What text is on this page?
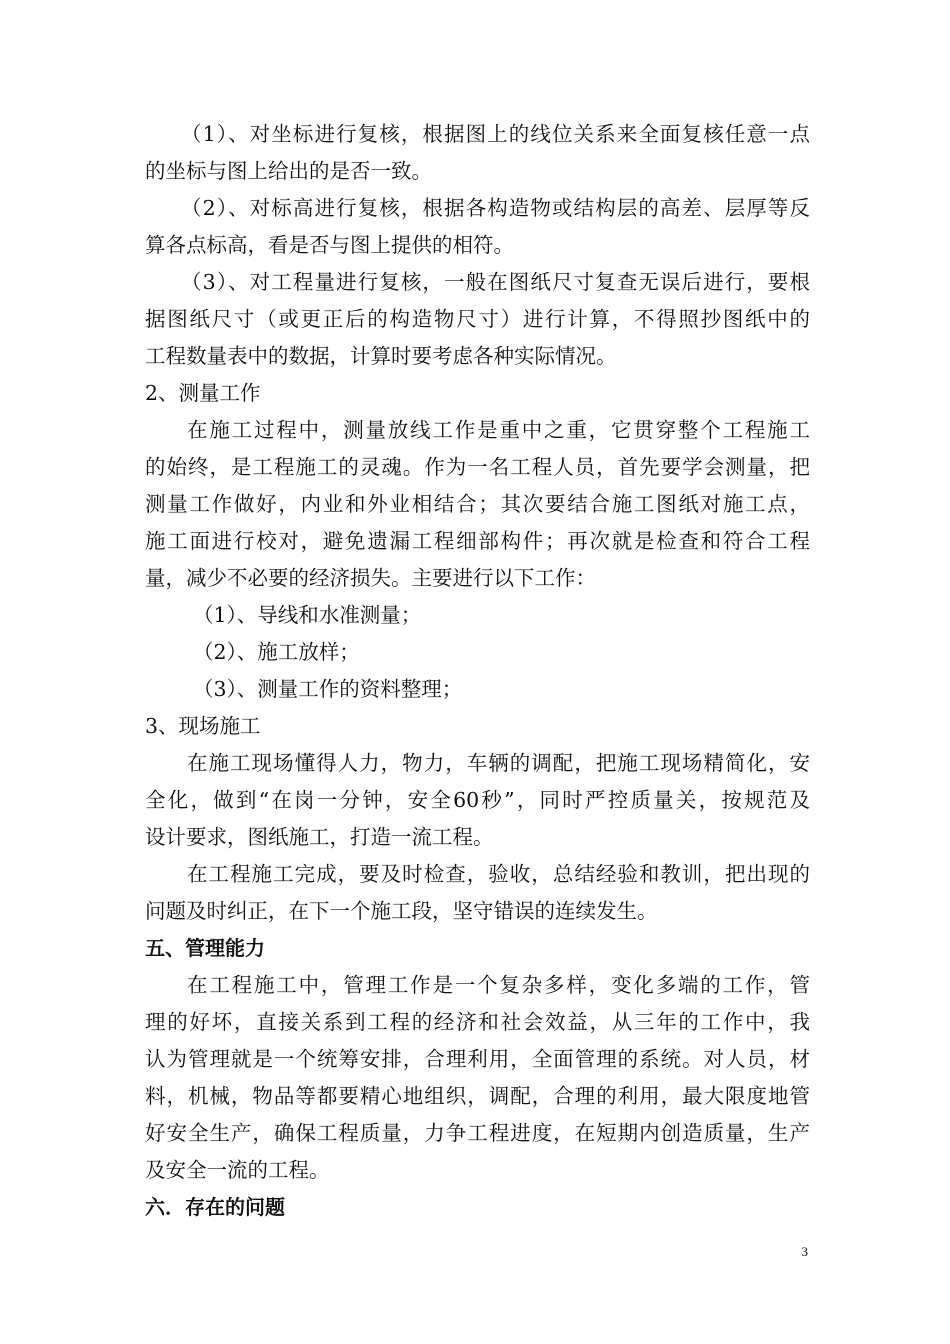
（1）、对坐标进行复核，根据图上的线位关系来全面复核任意一点
的坐标与图上给出的是否一致。
（2）、对标高进行复核，根据各构造物或结构层的高差、层厚等反
算各点标高，看是否与图上提供的相符。
（3）、对工程量进行复核，一般在图纸尺寸复查无误后进行，要根
据图纸尺寸（或更正后的构造物尺寸）进行计算，不得照抄图纸中的
工程数量表中的数据，计算时要考虑各种实际情况。
2、测量工作
在施工过程中，测量放线工作是重中之重，它贯穿整个工程施工
的始终，是工程施工的灵魂。作为一名工程人员，首先要学会测量，把
测量工作做好，内业和外业相结合；其次要结合施工图纸对施工点，
施工面进行校对，避免遗漏工程细部构件；再次就是检查和符合工程
量，减少不必要的经济损失。主要进行以下工作：
（1）、导线和水准测量；
（2）、施工放样；
（3）、测量工作的资料整理；
3、现场施工
在施工现场懂得人力，物力，车辆的调配，把施工现场精简化，安
全化，做到“在岗一分钟，安全60秒”，同时严控质量关，按规范及
设计要求，图纸施工，打造一流工程。
在工程施工完成，要及时检查，验收，总结经验和教训，把出现的
问题及时纠正，在下一个施工段，坚守错误的连续发生。
五、管理能力
在工程施工中，管理工作是一个复杂多样，变化多端的工作，管
理的好坏，直接关系到工程的经济和社会效益，从三年的工作中，我
认为管理就是一个统筹安排，合理利用，全面管理的系统。对人员，材
料，机械，物品等都要精心地组织，调配，合理的利用，最大限度地管
好安全生产，确保工程质量，力争工程进度，在短期内创造质量，生产
及安全一流的工程。
六．存在的问题
3
